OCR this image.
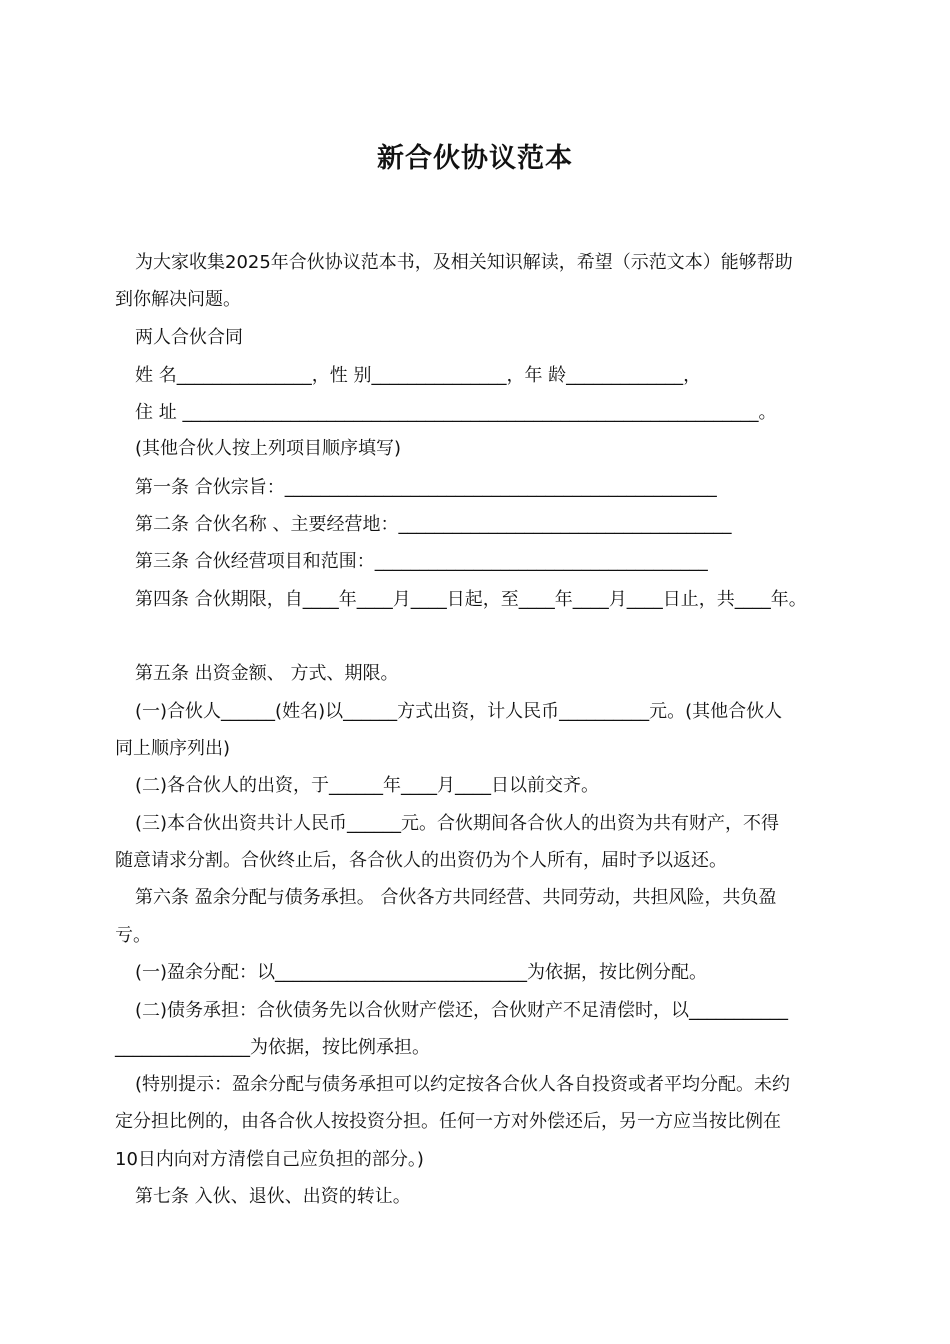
新合伙协议范本
为大家收集2025年合伙协议范本书，及相关知识解读，希望（示范文本）能够帮助
到你解决问题。
两人合伙合同
姓 名_______________，性 别_______________，年 龄_____________，
住 址 ________________________________________________________________。
(其他合伙人按上列项目顺序填写)
第一条 合伙宗旨：________________________________________________
第二条 合伙名称 、主要经营地：_____________________________________
第三条 合伙经营项目和范围：_____________________________________
第四条 合伙期限，自____年____月____日起，至____年____月____日止，共____年。
第五条 出资金额、 方式、期限。
(一)合伙人______(姓名)以______方式出资，计人民币__________元。(其他合伙人
同上顺序列出)
(二)各合伙人的出资，于______年____月____日以前交齐。
(三)本合伙出资共计人民币______元。合伙期间各合伙人的出资为共有财产，不得
随意请求分割。合伙终止后，各合伙人的出资仍为个人所有，届时予以返还。
第六条 盈余分配与债务承担。 合伙各方共同经营、共同劳动，共担风险，共负盈
亏。
(一)盈余分配：以____________________________为依据，按比例分配。
(二)债务承担：合伙债务先以合伙财产偿还，合伙财产不足清偿时，以___________
_______________为依据，按比例承担。
(特别提示：盈余分配与债务承担可以约定按各合伙人各自投资或者平均分配。未约
定分担比例的，由各合伙人按投资分担。任何一方对外偿还后，另一方应当按比例在
10日内向对方清偿自己应负担的部分。)
第七条 入伙、退伙、出资的转让。
